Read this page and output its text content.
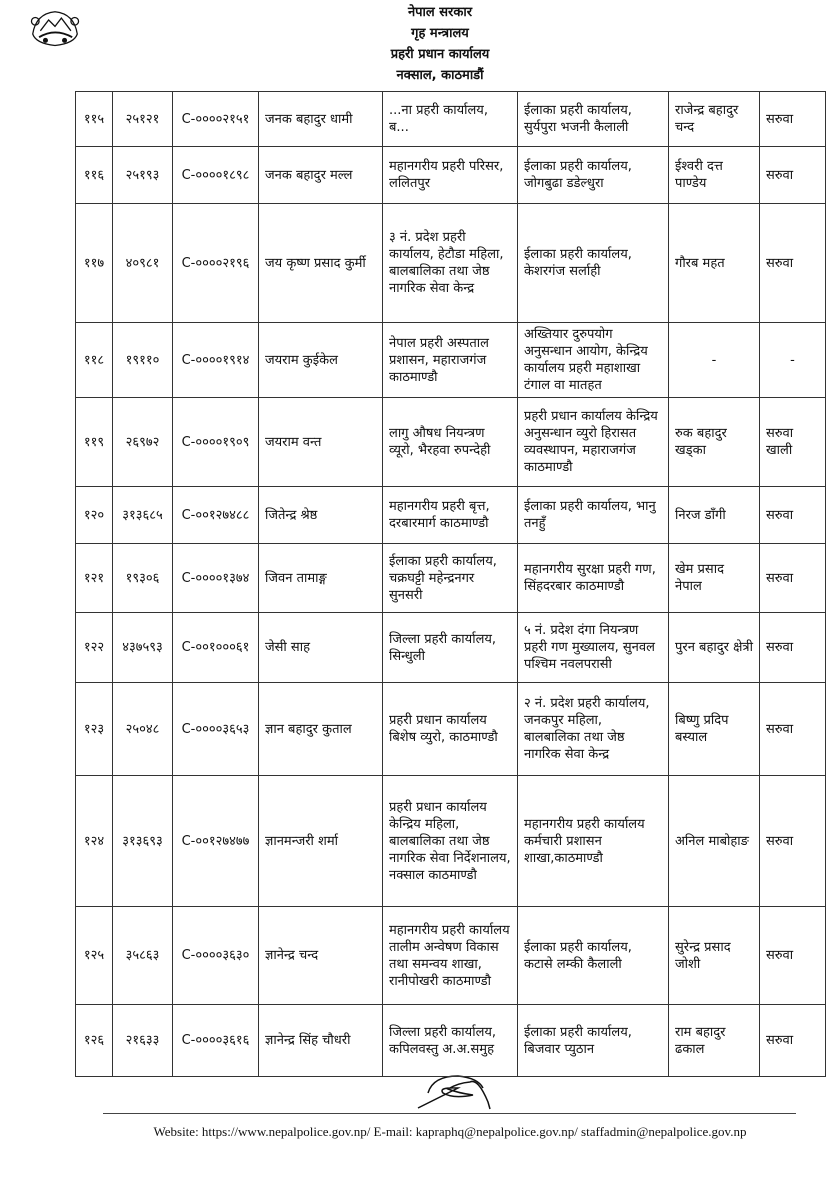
नेपाल सरकार
गृह मन्त्रालय
प्रहरी प्रधान कार्यालय
नक्साल, काठमाडौं
११५	२५१२१	C-००००२१५१	जनक बहादुर धामी	...ना प्रहरी कार्यालय, ब...	ईलाका प्रहरी कार्यालय, सुर्यपुरा भजनी कैलाली	राजेन्द्र बहादुर चन्द	सरुवा
११६	२५१९३	C-००००१८९८	जनक बहादुर मल्ल	महानगरीय प्रहरी परिसर, ललितपुर	ईलाका प्रहरी कार्यालय, जोगबुढा डडेल्धुरा	ईश्वरी दत्त पाण्डेय	सरुवा
११७	४०९८१	C-००००२१९६	जय कृष्ण प्रसाद कुर्मी	३ नं. प्रदेश प्रहरी कार्यालय, हेटौडा महिला, बालबालिका तथा जेष्ठ नागरिक सेवा केन्द्र	ईलाका प्रहरी कार्यालय, केशरगंज सर्लाही	गौरब महत	सरुवा
११८	१९११०	C-००००१९१४	जयराम कुईकेल	नेपाल प्रहरी अस्पताल प्रशासन, महाराजगंज काठमाण्डौ	अख्तियार दुरुपयोग अनुसन्धान आयोग, केन्द्रिय कार्यालय प्रहरी महाशाखा टंगाल वा मातहत	-	-
११९	२६९७२	C-००००१९०९	जयराम वन्त	लागु औषध नियन्त्रण व्यूरो, भैरहवा रुपन्देही	प्रहरी प्रधान कार्यालय केन्द्रिय अनुसन्धान व्युरो हिरासत व्यवस्थापन, महाराजगंज काठमाण्डौ	रुक बहादुर खड्का	सरुवा खाली
१२०	३१३६८५	C-००१२७४८८	जितेन्द्र श्रेष्ठ	महानगरीय प्रहरी बृत्त, दरबारमार्ग काठमाण्डौ	ईलाका प्रहरी कार्यालय, भानु तनहुँ	निरज डाँगी	सरुवा
१२१	१९३०६	C-००००१३७४	जिवन तामाङ्ग	ईलाका प्रहरी कार्यालय, चक्रघट्टी महेन्द्रनगर सुनसरी	महानगरीय सुरक्षा प्रहरी गण, सिंहदरबार काठमाण्डौ	खेम प्रसाद नेपाल	सरुवा
१२२	४३७५९३	C-००१०००६१	जेसी साह	जिल्ला प्रहरी कार्यालय, सिन्धुली	५ नं. प्रदेश दंगा नियन्त्रण प्रहरी गण मुख्यालय, सुनवल पश्चिम नवलपरासी	पुरन बहादुर क्षेत्री	सरुवा
१२३	२५०४८	C-००००३६५३	ज्ञान बहादुर कुताल	प्रहरी प्रधान कार्यालय बिशेष व्युरो, काठमाण्डौ	२ नं. प्रदेश प्रहरी कार्यालय, जनकपुर महिला, बालबालिका तथा जेष्ठ नागरिक सेवा केन्द्र	बिष्णु प्रदिप बस्याल	सरुवा
१२४	३१३६९३	C-००१२७४७७	ज्ञानमन्जरी शर्मा	प्रहरी प्रधान कार्यालय केन्द्रिय महिला, बालबालिका तथा जेष्ठ नागरिक सेवा निर्देशनालय, नक्साल काठमाण्डौ	महानगरीय प्रहरी कार्यालय कर्मचारी प्रशासन शाखा,काठमाण्डौ	अनिल माबोहाङ	सरुवा
१२५	३५८६३	C-००००३६३०	ज्ञानेन्द्र चन्द	महानगरीय प्रहरी कार्यालय तालीम अन्वेषण विकास तथा समन्वय शाखा, रानीपोखरी काठमाण्डौ	ईलाका प्रहरी कार्यालय, कटासे लम्की कैलाली	सुरेन्द्र प्रसाद जोशी	सरुवा
१२६	२१६३३	C-००००३६१६	ज्ञानेन्द्र सिंह चौधरी	जिल्ला प्रहरी कार्यालय, कपिलवस्तु अ.अ.समुह	ईलाका प्रहरी कार्यालय, बिजवार प्युठान	राम बहादुर ढकाल	सरुवा
Website: https://www.nepalpolice.gov.np/ E-mail: kapraphq@nepalpolice.gov.np/ staffadmin@nepalpolice.gov.np
